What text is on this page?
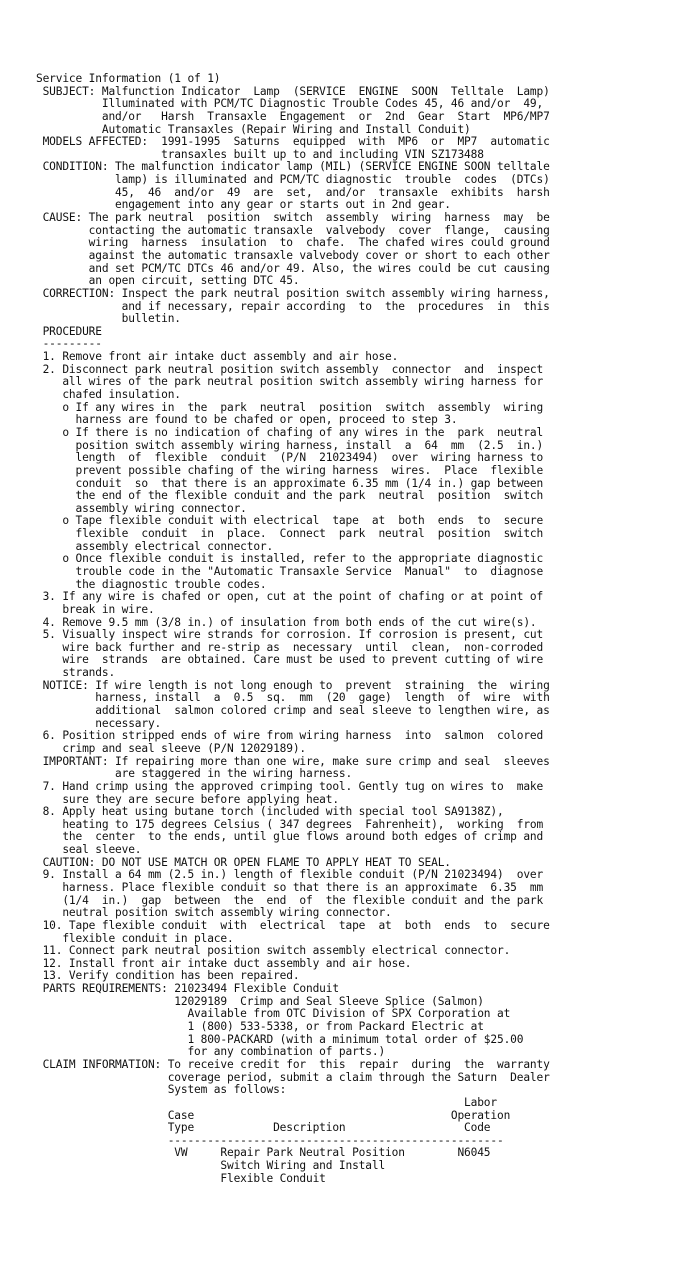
Service Information (1 of 1)
SUBJECT: Malfunction Indicator  Lamp  (SERVICE  ENGINE  SOON  Telltale  Lamp)
Illuminated with PCM/TC Diagnostic Trouble Codes 45, 46 and/or  49,
and/or   Harsh  Transaxle  Engagement  or  2nd  Gear  Start  MP6/MP7
Automatic Transaxles (Repair Wiring and Install Conduit)
MODELS AFFECTED:  1991-1995  Saturns  equipped  with  MP6  or  MP7  automatic
transaxles built up to and including VIN SZ173488
CONDITION: The malfunction indicator lamp (MIL) (SERVICE ENGINE SOON telltale
lamp) is illuminated and PCM/TC diagnostic  trouble  codes  (DTCs)
45,  46  and/or  49  are  set,  and/or  transaxle  exhibits  harsh
engagement into any gear or starts out in 2nd gear.
CAUSE: The park neutral  position  switch  assembly  wiring  harness  may  be
contacting the automatic transaxle  valvebody  cover  flange,  causing
wiring  harness  insulation  to  chafe.  The chafed wires could ground
against the automatic transaxle valvebody cover or short to each other
and set PCM/TC DTCs 46 and/or 49. Also, the wires could be cut causing
an open circuit, setting DTC 45.
CORRECTION: Inspect the park neutral position switch assembly wiring harness,
and if necessary, repair according  to  the  procedures  in  this
bulletin.
PROCEDURE
---------
1. Remove front air intake duct assembly and air hose.
2. Disconnect park neutral position switch assembly  connector  and  inspect
all wires of the park neutral position switch assembly wiring harness for
chafed insulation.
o If any wires in  the  park  neutral  position  switch  assembly  wiring
harness are found to be chafed or open, proceed to step 3.
o If there is no indication of chafing of any wires in the  park  neutral
position switch assembly wiring harness, install  a  64  mm  (2.5  in.)
length  of  flexible  conduit  (P/N  21023494)  over  wiring harness to
prevent possible chafing of the wiring harness  wires.  Place  flexible
conduit  so  that there is an approximate 6.35 mm (1/4 in.) gap between
the end of the flexible conduit and the park  neutral  position  switch
assembly wiring connector.
o Tape flexible conduit with electrical  tape  at  both  ends  to  secure
flexible  conduit  in  place.  Connect  park  neutral  position  switch
assembly electrical connector.
o Once flexible conduit is installed, refer to the appropriate diagnostic
trouble code in the "Automatic Transaxle Service  Manual"  to  diagnose
the diagnostic trouble codes.
3. If any wire is chafed or open, cut at the point of chafing or at point of
break in wire.
4. Remove 9.5 mm (3/8 in.) of insulation from both ends of the cut wire(s).
5. Visually inspect wire strands for corrosion. If corrosion is present, cut
wire back further and re-strip as  necessary  until  clean,  non-corroded
wire  strands  are obtained. Care must be used to prevent cutting of wire
strands.
NOTICE: If wire length is not long enough to  prevent  straining  the  wiring
harness, install  a  0.5  sq.  mm  (20  gage)  length  of  wire  with
additional  salmon colored crimp and seal sleeve to lengthen wire, as
necessary.
6. Position stripped ends of wire from wiring harness  into  salmon  colored
crimp and seal sleeve (P/N 12029189).
IMPORTANT: If repairing more than one wire, make sure crimp and seal  sleeves
are staggered in the wiring harness.
7. Hand crimp using the approved crimping tool. Gently tug on wires to  make
sure they are secure before applying heat.
8. Apply heat using butane torch (included with special tool SA9138Z),
heating to 175 degrees Celsius ( 347 degrees  Fahrenheit),  working  from
the  center  to the ends, until glue flows around both edges of crimp and
seal sleeve.
CAUTION: DO NOT USE MATCH OR OPEN FLAME TO APPLY HEAT TO SEAL.
9. Install a 64 mm (2.5 in.) length of flexible conduit (P/N 21023494)  over
harness. Place flexible conduit so that there is an approximate  6.35  mm
(1/4  in.)  gap  between  the  end  of  the flexible conduit and the park
neutral position switch assembly wiring connector.
10. Tape flexible conduit  with  electrical  tape  at  both  ends  to  secure
flexible conduit in place.
11. Connect park neutral position switch assembly electrical connector.
12. Install front air intake duct assembly and air hose.
13. Verify condition has been repaired.
PARTS REQUIREMENTS: 21023494 Flexible Conduit
12029189  Crimp and Seal Sleeve Splice (Salmon)
Available from OTC Division of SPX Corporation at
1 (800) 533-5338, or from Packard Electric at
1 800-PACKARD (with a minimum total order of $25.00
for any combination of parts.)
CLAIM INFORMATION: To receive credit for  this  repair  during  the  warranty
coverage period, submit a claim through the Saturn  Dealer
System as follows:
Labor
Case                                       Operation
Type            Description                  Code
---------------------------------------------------
VW     Repair Park Neutral Position        N6045
Switch Wiring and Install
Flexible Conduit
